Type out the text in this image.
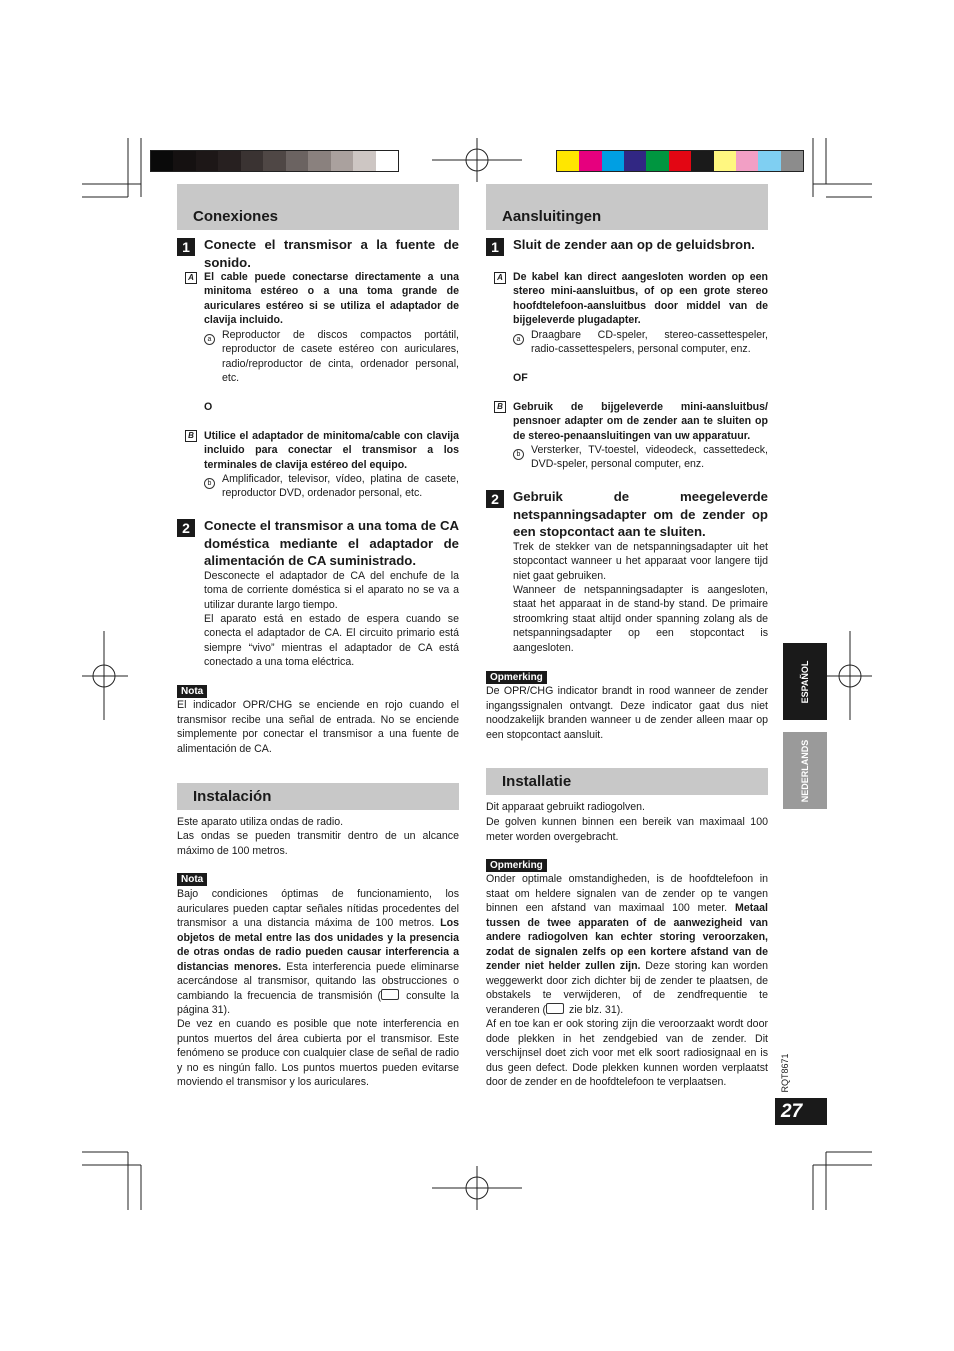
Conexiones
1	Conecte el transmisor a la fuente de sonido.
A El cable puede conectarse directamente a una minitoma estéreo o a una toma grande de auriculares estéreo si se utiliza el adaptador de clavija incluido.
a Reproductor de discos compactos portátil, reproductor de casete estéreo con auriculares, radio/reproductor de cinta, ordenador personal, etc.
O
B Utilice el adaptador de minitoma/cable con clavija incluido para conectar el transmisor a los terminales de clavija estéreo del equipo.
b Amplificador, televisor, vídeo, platina de casete, reproductor DVD, ordenador personal, etc.
2	Conecte el transmisor a una toma de CA doméstica mediante el adaptador de alimentación de CA suministrado.
Desconecte el adaptador de CA del enchufe de la toma de corriente doméstica si el aparato no se va a utilizar durante largo tiempo.
El aparato está en estado de espera cuando se conecta el adaptador de CA. El circuito primario está siempre “vivo” mientras el adaptador de CA está conectado a una toma eléctrica.
Nota
El indicador OPR/CHG se enciende en rojo cuando el transmisor recibe una señal de entrada. No se enciende simplemente por conectar el transmisor a una fuente de alimentación de CA.
Instalación
Este aparato utiliza ondas de radio.
Las ondas se pueden transmitir dentro de un alcance máximo de 100 metros.
Nota
Bajo condiciones óptimas de funcionamiento, los auriculares pueden captar señales nítidas procedentes del transmisor a una distancia máxima de 100 metros. Los objetos de metal entre las dos unidades y la presencia de otras ondas de radio pueden causar interferencia a distancias menores. Esta interferencia puede eliminarse acercándose al transmisor, quitando las obstrucciones o cambiando la frecuencia de transmisión ( consulte la página 31).
De vez en cuando es posible que note interferencia en puntos muertos del área cubierta por el transmisor. Este fenómeno se produce con cualquier clase de señal de radio y no es ningún fallo. Los puntos muertos pueden evitarse moviendo el transmisor y los auriculares.
Aansluitingen
1	Sluit de zender aan op de geluidsbron.
A De kabel kan direct aangesloten worden op een stereo mini-aansluitbus, of op een grote stereo hoofdtelefoon-aansluitbus door middel van de bijgeleverde plugadapter.
a Draagbare CD-speler, stereo-cassettespeler, radio-cassettespelers, personal computer, enz.
OF
B Gebruik de bijgeleverde mini-aansluitbus/ pensnoer adapter om de zender aan te sluiten op de stereo-penaansluitingen van uw apparatuur.
b Versterker, TV-toestel, videodeck, cassettedeck, DVD-speler, personal computer, enz.
2	Gebruik de meegeleverde netspanningsadapter om de zender op een stopcontact aan te sluiten.
Trek de stekker van de netspanningsadapter uit het stopcontact wanneer u het apparaat voor langere tijd niet gaat gebruiken.
Wanneer de netspanningsadapter is aangesloten, staat het apparaat in de stand-by stand. De primaire stroomkring staat altijd onder spanning zolang als de netspanningsadapter op een stopcontact is aangesloten.
Opmerking
De OPR/CHG indicator brandt in rood wanneer de zender ingangssignalen ontvangt. Deze indicator gaat dus niet noodzakelijk branden wanneer u de zender alleen maar op een stopcontact aansluit.
Installatie
Dit apparaat gebruikt radiogolven.
De golven kunnen binnen een bereik van maximaal 100 meter worden overgebracht.
Opmerking
Onder optimale omstandigheden, is de hoofdtelefoon in staat om heldere signalen van de zender op te vangen binnen een afstand van maximaal 100 meter. Metaal tussen de twee apparaten of de aanwezigheid van andere radiogolven kan echter storing veroorzaken, zodat de signalen zelfs op een kortere afstand van de zender niet helder zullen zijn. Deze storing kan worden weggewerkt door zich dichter bij de zender te plaatsen, de obstakels te verwijderen, of de zendfrequentie te veranderen ( zie blz. 31).
Af en toe kan er ook storing zijn die veroorzaakt wordt door dode plekken in het zendgebied van de zender. Dit verschijnsel doet zich voor met elk soort radiosignaal en is dus geen defect. Dode plekken kunnen worden verplaatst door de zender en de hoofdtelefoon te verplaatsen.
ESPAÑOL
NEDERLANDS
RQT8671
27
